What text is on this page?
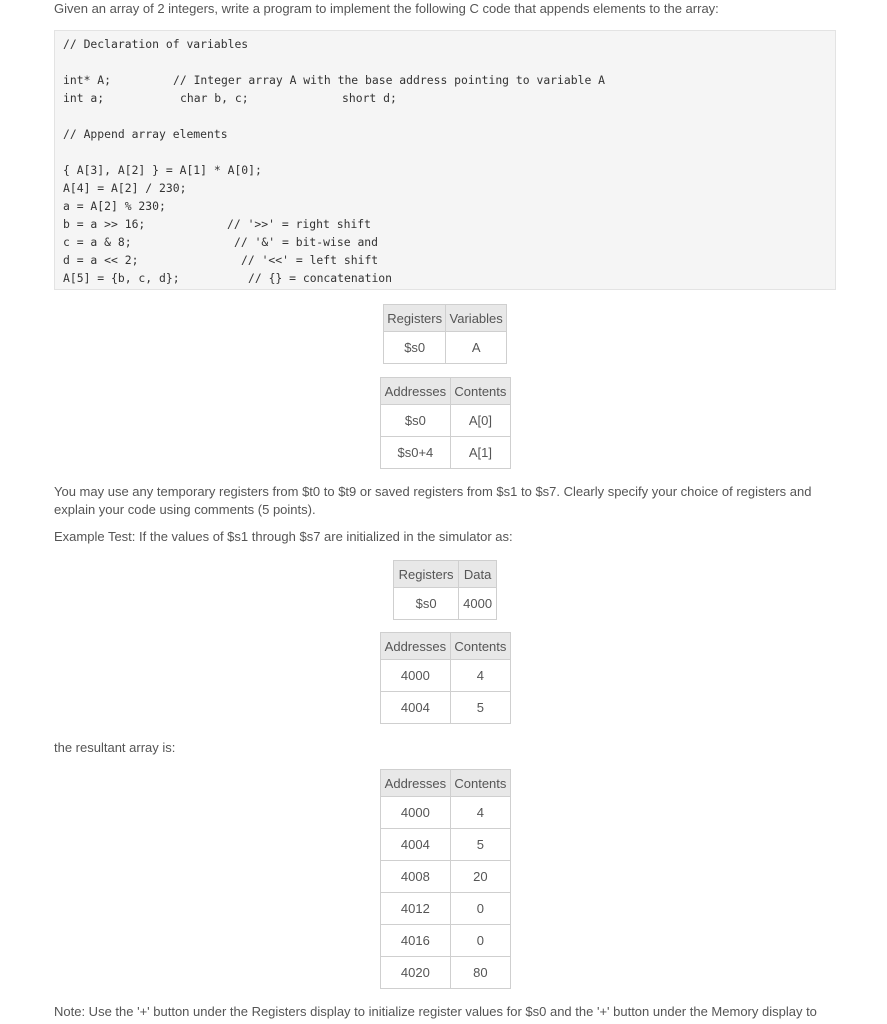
Given an array of 2 integers, write a program to implement the following C code that appends elements to the array:

// Declaration of variables
int* A;	// Integer array A with the base address pointing to variable A
int a;	char b, c;	short d;
// Append array elements
{ A[3], A[2] } = A[1] * A[0];
A[4] = A[2] / 230;
a = A[2] % 230;
b = a >> 16;	// '>>' = right shift
c = a & 8;	// '&' = bit-wise and
d = a << 2;	// '<<' = left shift
A[5] = {b, c, d};	// {} = concatenation
Registers	Variables
$s0	A
Addresses	Contents
$s0	A[0]
$s0+4	A[1]

You may use any temporary registers from $t0 to $t9 or saved registers from $s1 to $s7. Clearly specify your choice of registers and explain your code using comments (5 points).

Example Test: If the values of $s1 through $s7 are initialized in the simulator as:

Registers	Data
$s0	4000
Addresses	Contents
4000	4
4004	5

the resultant array is:

Addresses	Contents
4000	4
4004	5
4008	20
4012	0
4016	0
4020	80

Note: Use the '+' button under the Registers display to initialize register values for $s0 and the '+' button under the Memory display to
